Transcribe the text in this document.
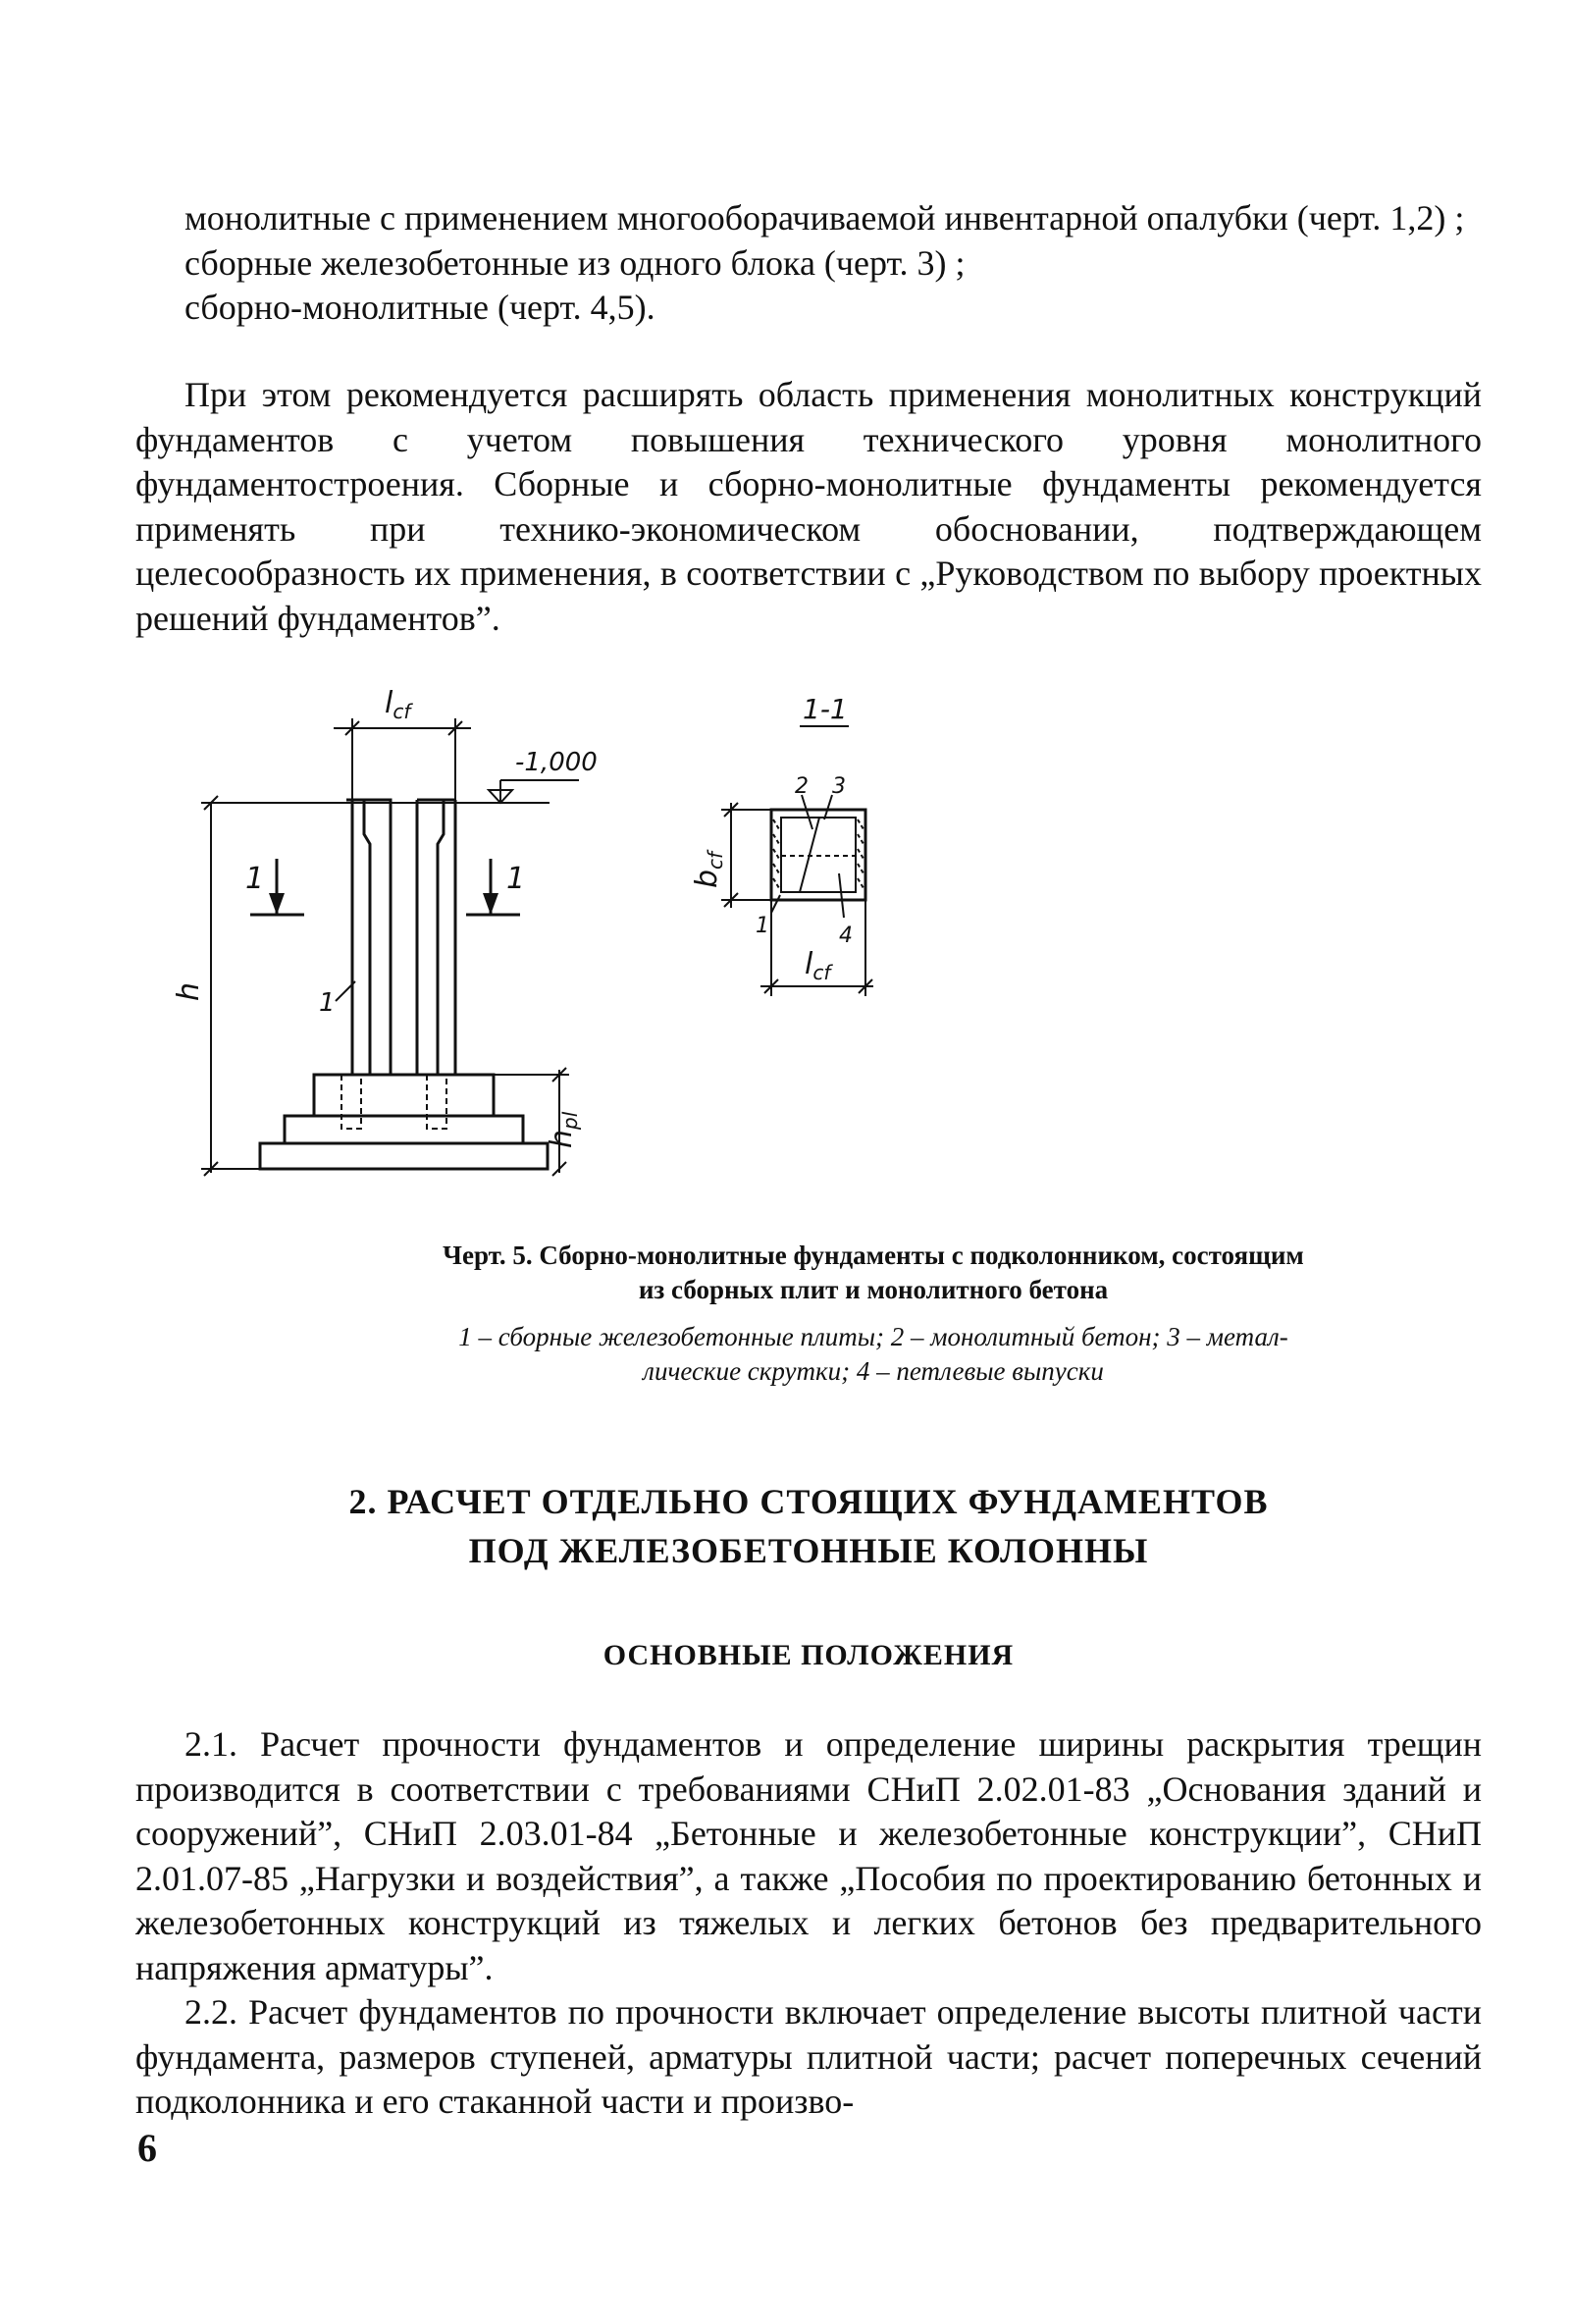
монолитные с применением многооборачиваемой инвентарной опалубки (черт. 1,2) ;

сборные железобетонные из одного блока (черт. 3) ;

сборно-монолитные (черт. 4,5).

При этом рекомендуется расширять область применения монолитных конструкций фундаментов с учетом повышения технического уровня монолитного фундаментостроения. Сборные и сборно-монолитные фундаменты рекомендуется применять при технико-экономическом обосновании, подтверждающем целесообразность их применения, в соответствии с „Руководством по выбору проектных решений фундаментов”.

$l_{cf}$
-1,000
1	1
1
h
$h_{pl}$
1-1
2 3
1	4
$b_{cf}$
$l_{cf}$
Черт. 5. Сборно-монолитные фундаменты с подколонником, состоящим
из сборных плит и монолитного бетона
1 – сборные железобетонные плиты; 2 – монолитный бетон; 3 – метал-
лические скрутки; 4 – петлевые выпуски
2. РАСЧЕТ ОТДЕЛЬНО СТОЯЩИХ ФУНДАМЕНТОВ
ПОД ЖЕЛЕЗОБЕТОННЫЕ КОЛОННЫ
ОСНОВНЫЕ ПОЛОЖЕНИЯ

2.1. Расчет прочности фундаментов и определение ширины раскрытия трещин производится в соответствии с требованиями СНиП 2.02.01-83 „Основания зданий и сооружений”, СНиП 2.03.01-84 „Бетонные и железобетонные конструкции”, СНиП 2.01.07-85 „Нагрузки и воздействия”, а также „Пособия по проектированию бетонных и железобетонных конструкций из тяжелых и легких бетонов без предварительного напряжения арматуры”.

2.2. Расчет фундаментов по прочности включает определение высоты плитной части фундамента, размеров ступеней, арматуры плитной части; расчет поперечных сечений подколонника и его стаканной части и произво-

6
